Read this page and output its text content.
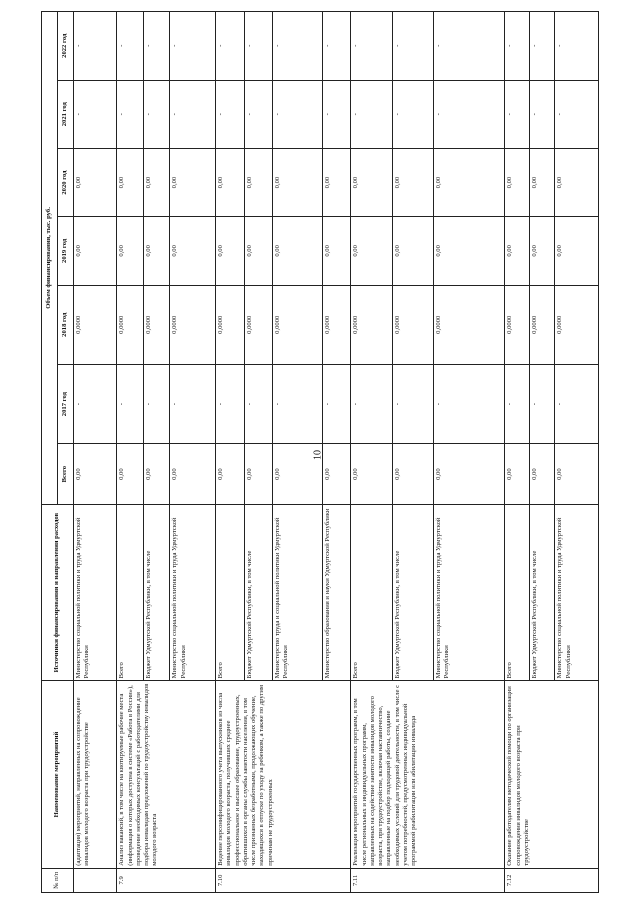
10
№ п/п	Наименование мероприятий	Источники финансирования и направления расходов	Объем финансирования, тыс. руб.						
			Всего	2017 год	2018 год	2019 год	2020 год	2021 год	2022 год
	(адаптация) мероприятий, направленных на сопровождение инвалидов молодого возраста при трудоустройстве	Министерство социальной политики и труда Удмуртской Республики	0,00	-	0,0000	0,00	0,00	-	-
7.9	Анализ вакансий, в том числе на квотируемые рабочие места (информация о которых доступна в системе «Работа в России»), проведение необходимых консультаций с работодателями для подбора инвалидам предложений по трудоустройству инвалидов молодого возраста	Всего	0,00	-	0,0000	0,00	0,00	-	-
		Бюджет Удмуртской Республики, в том числе	0,00	-	0,0000	0,00	0,00	-	-
		Министерство социальной политики и труда Удмуртской Республики	0,00	-	0,0000	0,00	0,00	-	-
7.10	Ведение персонифицированного учета выпускников из числа инвалидов молодого возраста, получивших среднее профессиональное и высшее образование, трудоустроенных, обратившихся в органы службы занятости населения, в том числе признанных безработными, продолжающих обучение, находящихся в отпуске по уходу за ребенком, а также по другим причинам не трудоустроенных	Всего	0,00	-	0,0000	0,00	0,00	-	-
		Бюджет Удмуртской Республики, в том числе	0,00	-	0,0000	0,00	0,00	-	-
		Министерство труда и социальной политики Удмуртской Республики	0,00	-	0,0000	0,00	0,00	-	-
		Министерство образования и науки Удмуртской Республики	0,00	-	0,0000	0,00	0,00	-	-
7.11	Реализация мероприятий государственных программ, в том числе региональных и индивидуальных программ, направленных на содействие занятости инвалидов молодого возраста, при трудоустройстве, включая наставничество, направленные на подбор подходящей работы, создание необходимых условий для трудовой деятельности, в том числе с учетом потребностей, предусмотренных индивидуальной программой реабилитации или абилитации инвалида	Всего	0,00	-	0,0000	0,00	0,00	-	-
		Бюджет Удмуртской Республики, в том числе	0,00	-	0,0000	0,00	0,00	-	-
		Министерство социальной политики и труда Удмуртской Республики	0,00	-	0,0000	0,00	0,00	-	-
7.12	Оказание работодателям методической помощи по организации сопровождения инвалидов молодого возраста при трудоустройстве	Всего	0,00	-	0,0000	0,00	0,00	-	-
		Бюджет Удмуртской Республики, в том числе	0,00	-	0,0000	0,00	0,00	-	-
		Министерство социальной политики и труда Удмуртской Республики	0,00	-	0,0000	0,00	0,00	-	-
